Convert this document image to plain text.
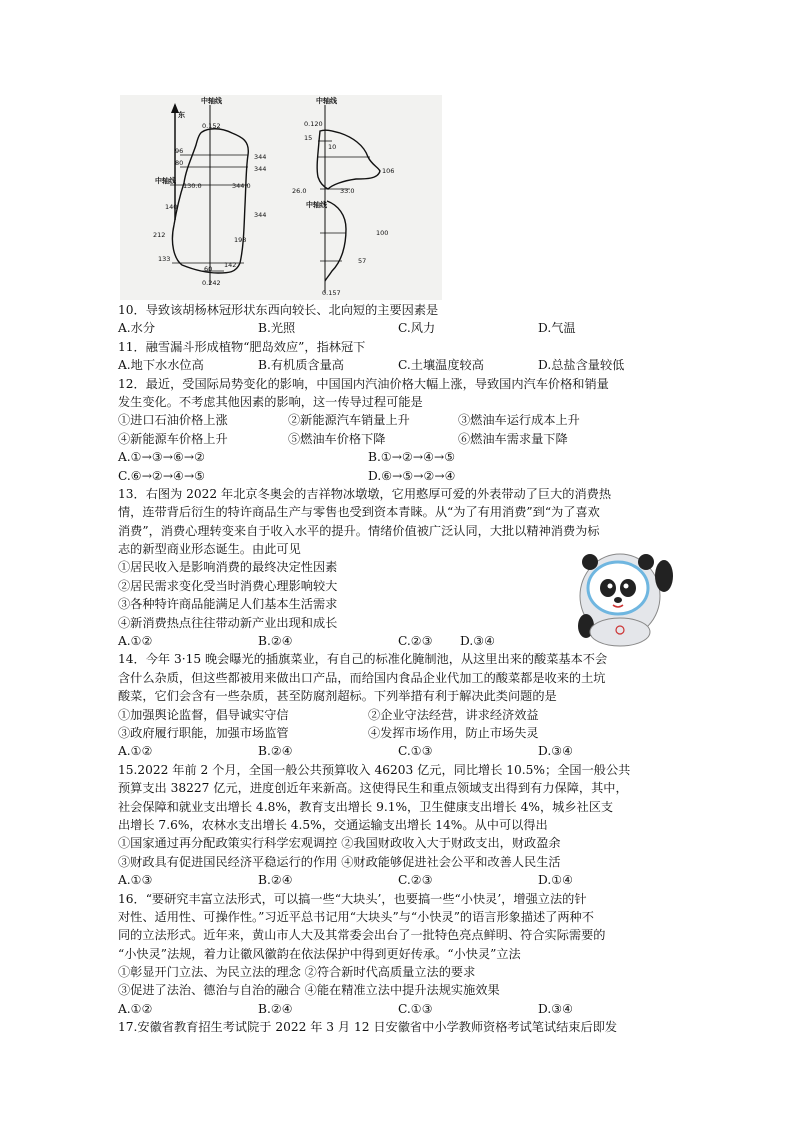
东
中轴线
0.152
96
80
344
344
中轴线
130.0	344.0
140
344
212
198
133
142
60
0.242
中轴线
0.120
15
10
106
26.0	33.0
中轴线
100
57
0.157
10．导致该胡杨林冠形状东西向较长、北向短的主要因素是
A.水分	B.光照	C.风力	D.气温
11．融雪漏斗形成植物“肥岛效应”，指林冠下
A.地下水水位高	B.有机质含量高	C.土壤温度较高	D.总盐含量较低
12．最近，受国际局势变化的影响，中国国内汽油价格大幅上涨，导致国内汽车价格和销量
发生变化。不考虑其他因素的影响，这一传导过程可能是
①进口石油价格上涨	②新能源汽车销量上升	③燃油车运行成本上升
④新能源车价格上升	⑤燃油车价格下降	⑥燃油车需求量下降
A.①→③→⑥→②	B.①→②→④→⑤
C.⑥→②→④→⑤	D.⑥→⑤→②→④
13．右图为 2022 年北京冬奥会的吉祥物冰墩墩，它用憨厚可爱的外表带动了巨大的消费热
情，连带背后衍生的特许商品生产与零售也受到资本青睐。从“为了有用消费”到“为了喜欢
消费”，消费心理转变来自于收入水平的提升。情绪价值被广泛认同，大批以精神消费为标
志的新型商业形态诞生。由此可见
①居民收入是影响消费的最终决定性因素
②居民需求变化受当时消费心理影响较大
③各种特许商品能满足人们基本生活需求
④新消费热点往往带动新产业出现和成长
A.①②	B.②④	C.②③	D.③④
14．今年 3·15 晚会曝光的插旗菜业，有自己的标准化腌制池，从这里出来的酸菜基本不会
含什么杂质，但这些都被用来做出口产品，而给国内食品企业代加工的酸菜都是收来的土坑
酸菜，它们会含有一些杂质，甚至防腐剂超标。下列举措有利于解决此类问题的是
①加强舆论监督，倡导诚实守信	②企业守法经营，讲求经济效益
③政府履行职能，加强市场监管	④发挥市场作用，防止市场失灵
A.①②	B.②④	C.①③	D.③④
15.2022 年前 2 个月，全国一般公共预算收入 46203 亿元，同比增长 10.5%；全国一般公共
预算支出 38227 亿元，进度创近年来新高。这使得民生和重点领域支出得到有力保障，其中，
社会保障和就业支出增长 4.8%，教育支出增长 9.1%，卫生健康支出增长 4%，城乡社区支
出增长 7.6%，农林水支出增长 4.5%，交通运输支出增长 14%。从中可以得出
①国家通过再分配政策实行科学宏观调控 ②我国财政收入大于财政支出，财政盈余
③财政具有促进国民经济平稳运行的作用 ④财政能够促进社会公平和改善人民生活
A.①③	B.②④	C.②③	D.①④
16．“要研究丰富立法形式，可以搞一些“大块头’，也要搞一些“小快灵’，增强立法的针
对性、适用性、可操作性。”习近平总书记用“大块头”与“小快灵”的语言形象描述了两种不
同的立法形式。近年来，黄山市人大及其常委会出台了一批特色亮点鲜明、符合实际需要的
“小快灵”法规，着力让徽风徽韵在依法保护中得到更好传承。“小快灵”立法
①彰显开门立法、为民立法的理念 ②符合新时代高质量立法的要求
③促进了法治、德治与自治的融合 ④能在精准立法中提升法规实施效果
A.①②	B.②④	C.①③	D.③④
17.安徽省教育招生考试院于 2022 年 3 月 12 日安徽省中小学教师资格考试笔试结束后即发
